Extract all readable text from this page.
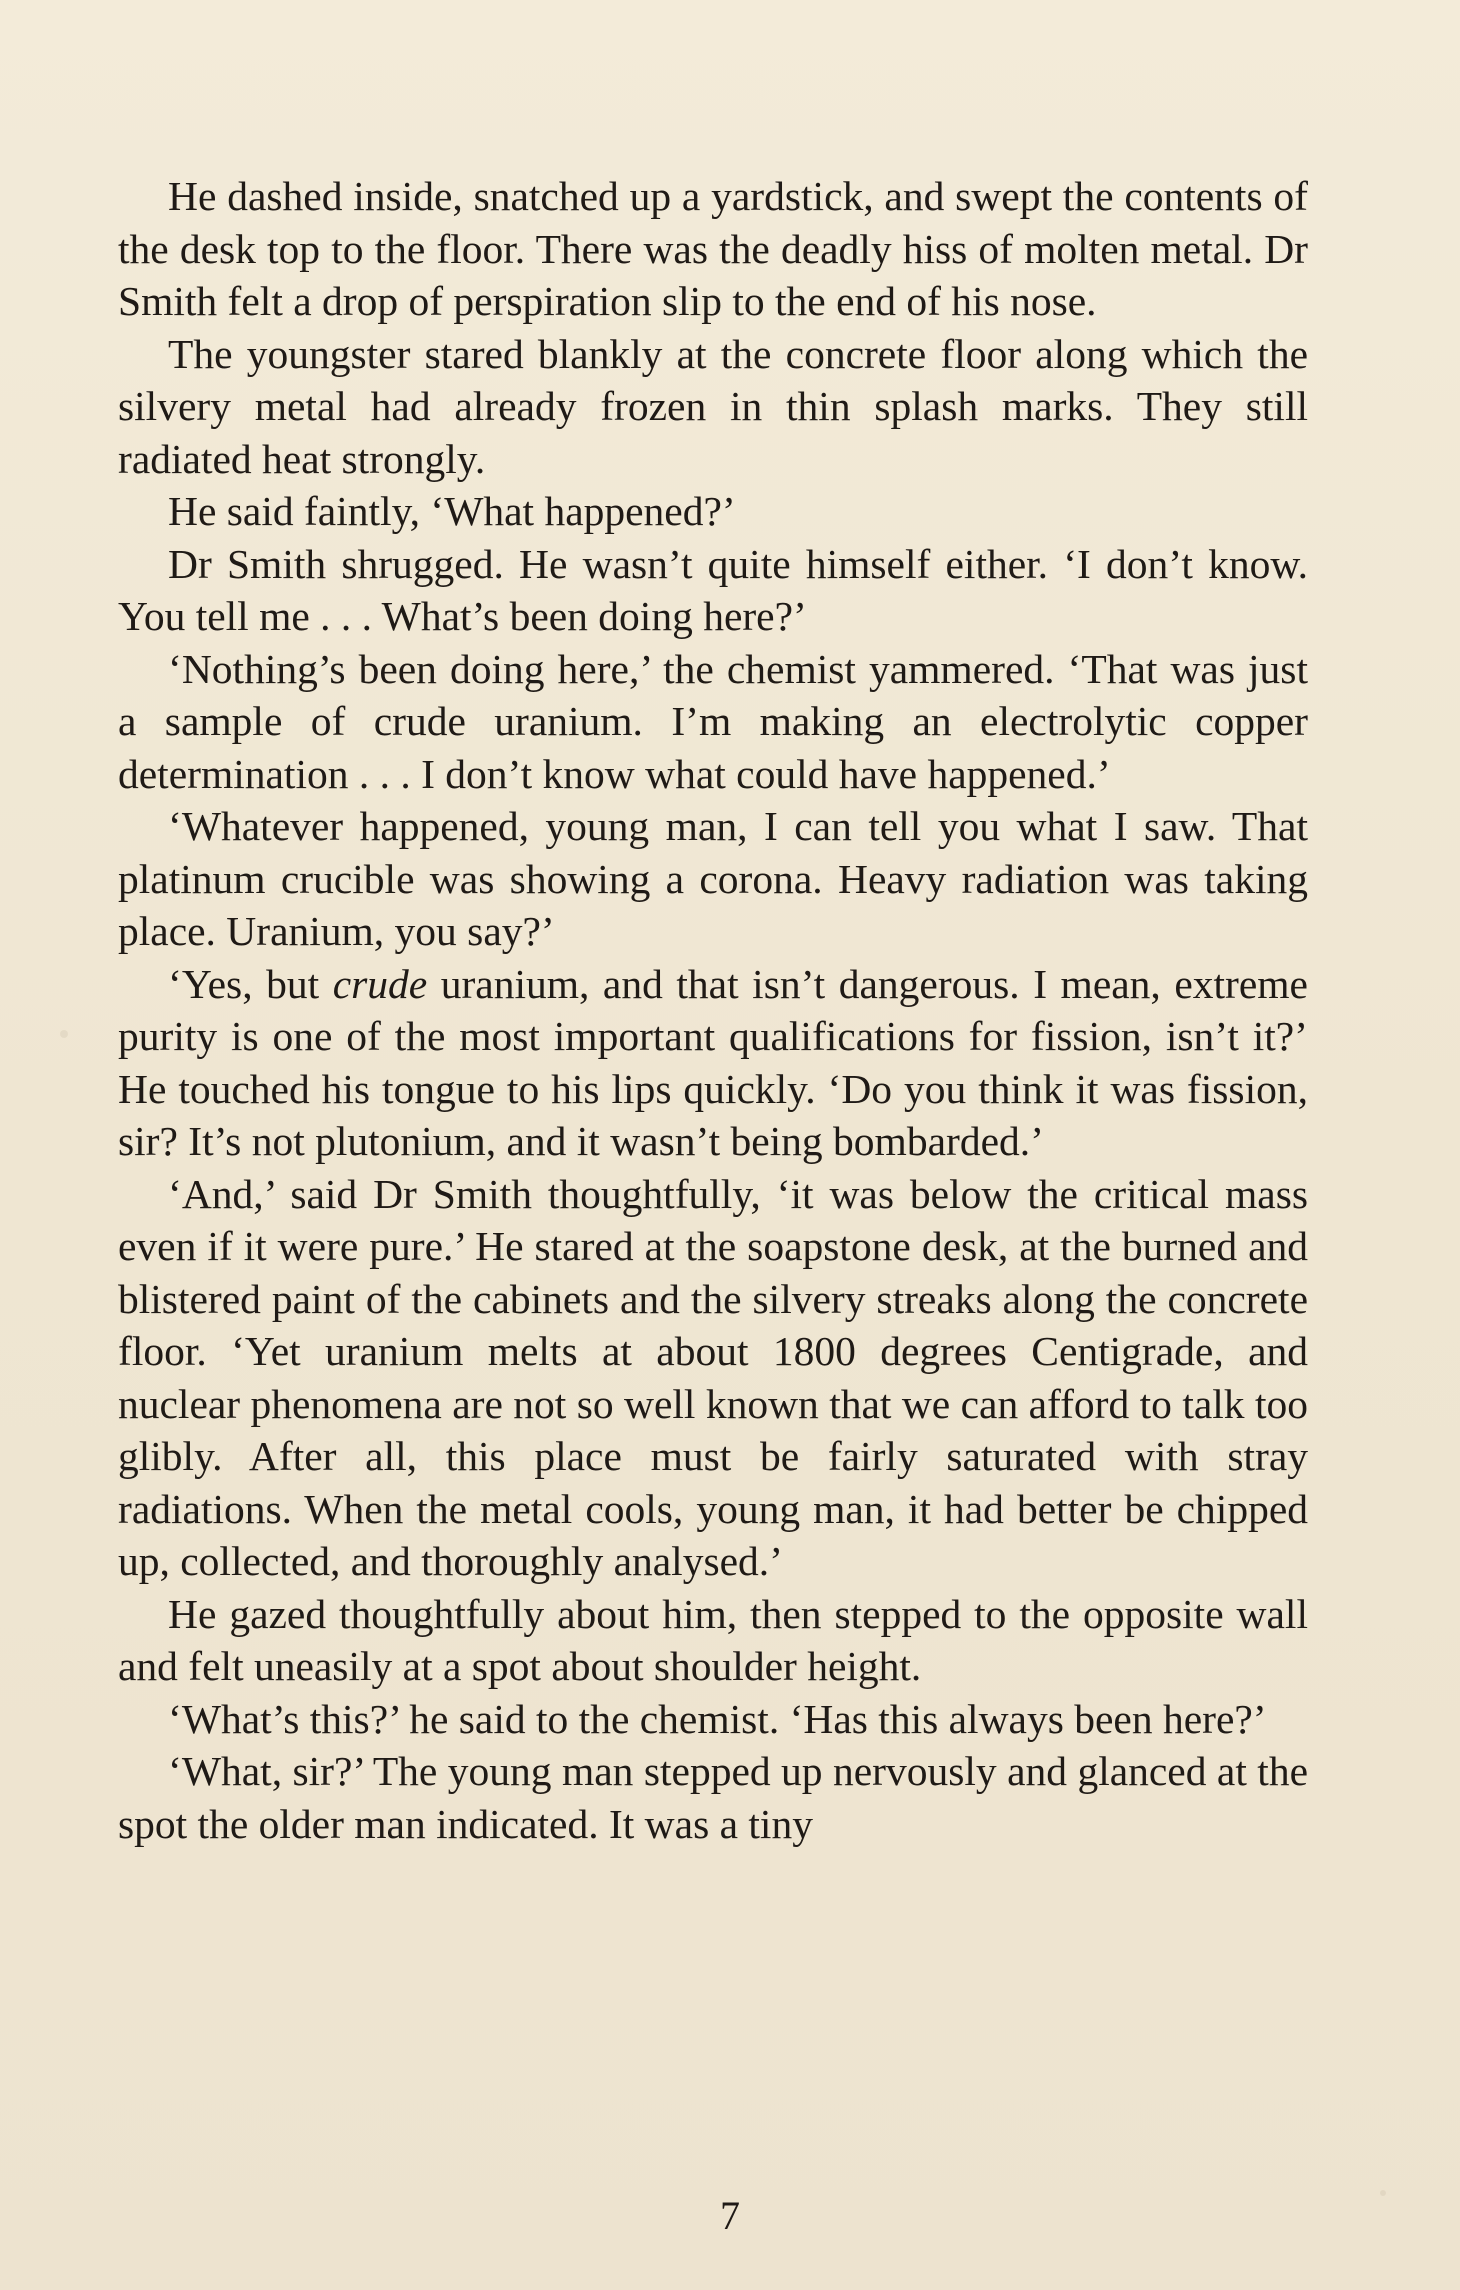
He dashed inside, snatched up a yardstick, and swept the contents of the desk top to the floor. There was the deadly hiss of molten metal. Dr Smith felt a drop of perspiration slip to the end of his nose.

The youngster stared blankly at the concrete floor along which the silvery metal had already frozen in thin splash marks. They still radiated heat strongly.

He said faintly, ‘What happened?’

Dr Smith shrugged. He wasn’t quite himself either. ‘I don’t know. You tell me . . . What’s been doing here?’

‘Nothing’s been doing here,’ the chemist yammered. ‘That was just a sample of crude uranium. I’m making an electrolytic copper determination . . . I don’t know what could have happened.’

‘Whatever happened, young man, I can tell you what I saw. That platinum crucible was showing a corona. Heavy radiation was taking place. Uranium, you say?’

‘Yes, but crude uranium, and that isn’t dangerous. I mean, extreme purity is one of the most important qualifications for fission, isn’t it?’ He touched his tongue to his lips quickly. ‘Do you think it was fission, sir? It’s not plutonium, and it wasn’t being bombarded.’

‘And,’ said Dr Smith thoughtfully, ‘it was below the critical mass even if it were pure.’ He stared at the soapstone desk, at the burned and blistered paint of the cabinets and the silvery streaks along the concrete floor. ‘Yet uranium melts at about 1800 degrees Centigrade, and nuclear phenomena are not so well known that we can afford to talk too glibly. After all, this place must be fairly saturated with stray radiations. When the metal cools, young man, it had better be chipped up, collected, and thoroughly analysed.’

He gazed thoughtfully about him, then stepped to the opposite wall and felt uneasily at a spot about shoulder height.

‘What’s this?’ he said to the chemist. ‘Has this always been here?’

‘What, sir?’ The young man stepped up nervously and glanced at the spot the older man indicated. It was a tiny

7
